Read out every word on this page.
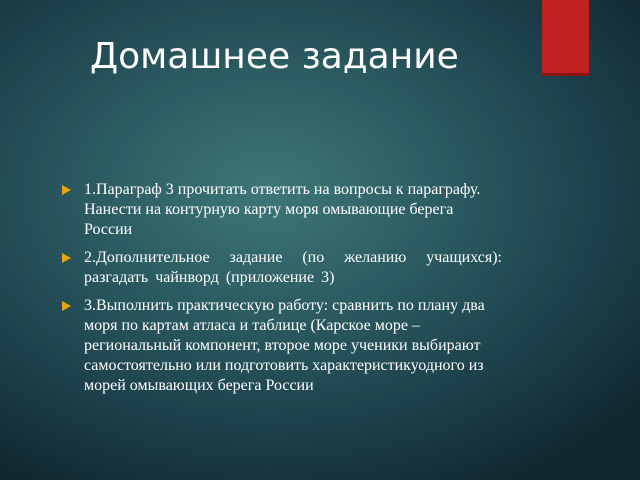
Домашнее задание
1.Параграф 3 прочитать ответить на вопросы к параграфу. Нанести на контурную карту моря омывающие берега России
2.Дополнительное задание (по желанию учащихся): разгадать чайнворд (приложение 3)
3.Выполнить практическую работу: сравнить по плану два моря по картам атласа и таблице (Карское море – региональный компонент, второе море ученики выбирают самостоятельно или подготовить характеристикуодного из морей омывающих берега России
